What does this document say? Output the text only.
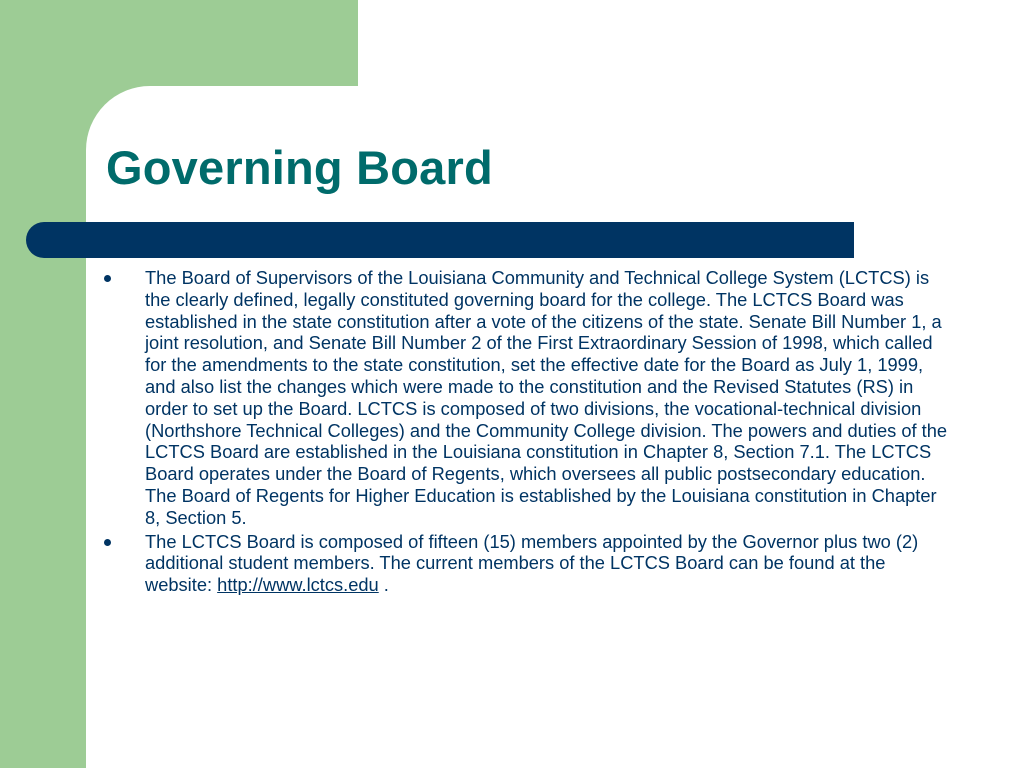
Governing Board
The Board of Supervisors of the Louisiana Community and Technical College System (LCTCS) is the clearly defined, legally constituted governing board for the college. The LCTCS Board was established in the state constitution after a vote of the citizens of the state. Senate Bill Number 1, a joint resolution, and Senate Bill Number 2 of the First Extraordinary Session of 1998, which called for the amendments to the state constitution, set the effective date for the Board as July 1, 1999, and also list the changes which were made to the constitution and the Revised Statutes (RS) in order to set up the Board. LCTCS is composed of two divisions, the vocational-technical division (Northshore Technical Colleges) and the Community College division. The powers and duties of the LCTCS Board are established in the Louisiana constitution in Chapter 8, Section 7.1. The LCTCS Board operates under the Board of Regents, which oversees all public postsecondary education. The Board of Regents for Higher Education is established by the Louisiana constitution in Chapter 8, Section 5.
The LCTCS Board is composed of fifteen (15) members appointed by the Governor plus two (2) additional student members. The current members of the LCTCS Board can be found at the website: http://www.lctcs.edu .
